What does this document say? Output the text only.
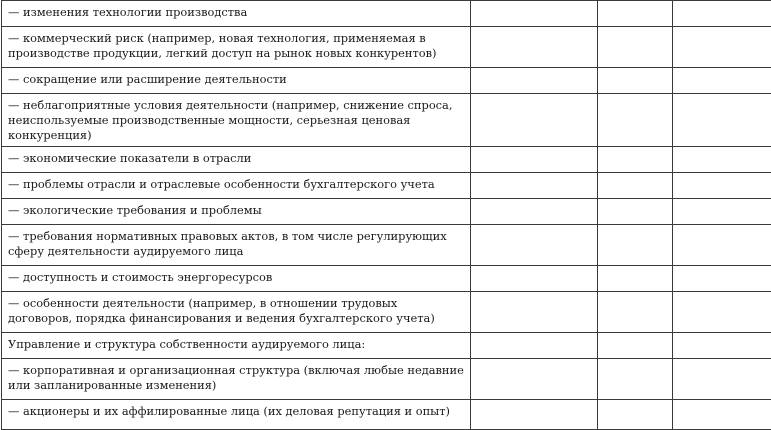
— изменения технологии производства			
— коммерческий риск (например, новая технология, применяемая в производстве продукции, легкий доступ на рынок новых конкурентов)			
— сокращение или расширение деятельности			
— неблагоприятные условия деятельности (например, снижение спроса, неиспользуемые производственные мощности, серьезная ценовая конкуренция)			
— экономические показатели в отрасли			
— проблемы отрасли и отраслевые особенности бухгалтерского учета			
— экологические требования и проблемы			
— требования нормативных правовых актов, в том числе регулирующих сферу деятельности аудируемого лица			
— доступность и стоимость энергоресурсов			
— особенности деятельности (например, в отношении трудовых договоров, порядка финансирования и ведения бухгалтерского учета)			
Управление и структура собственности аудируемого лица:			
— корпоративная и организационная структура (включая любые недавние или запланированные изменения)			
— акционеры и их аффилированные лица (их деловая репутация и опыт)			
